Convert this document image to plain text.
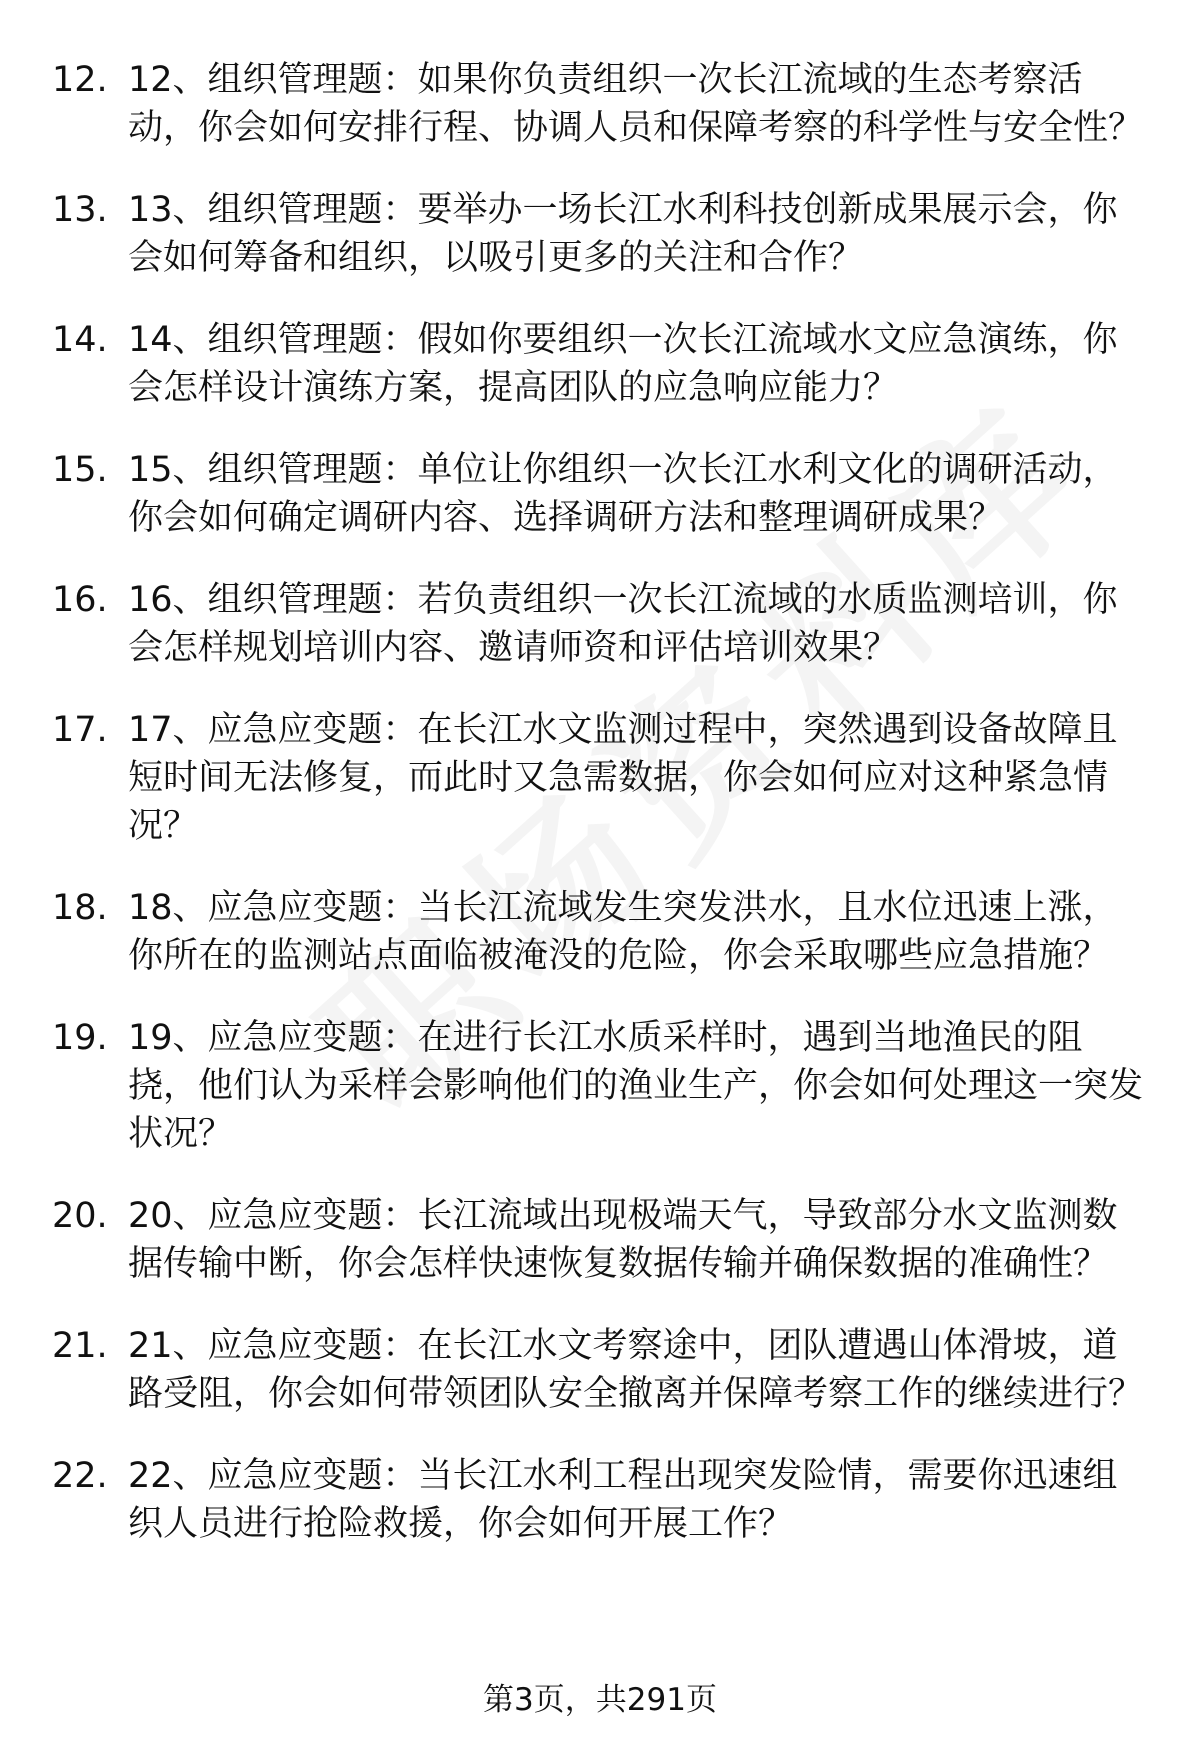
12. 12、组织管理题：如果你负责组织一次长江流域的生态考察活动，你会如何安排行程、协调人员和保障考察的科学性与安全性？
13. 13、组织管理题：要举办一场长江水利科技创新成果展示会，你会如何筹备和组织，以吸引更多的关注和合作？
14. 14、组织管理题：假如你要组织一次长江流域水文应急演练，你会怎样设计演练方案，提高团队的应急响应能力？
15. 15、组织管理题：单位让你组织一次长江水利文化的调研活动，你会如何确定调研内容、选择调研方法和整理调研成果？
16. 16、组织管理题：若负责组织一次长江流域的水质监测培训，你会怎样规划培训内容、邀请师资和评估培训效果？
17. 17、应急应变题：在长江水文监测过程中，突然遇到设备故障且短时间无法修复，而此时又急需数据，你会如何应对这种紧急情况？
18. 18、应急应变题：当长江流域发生突发洪水，且水位迅速上涨，你所在的监测站点面临被淹没的危险，你会采取哪些应急措施？
19. 19、应急应变题：在进行长江水质采样时，遇到当地渔民的阻挠，他们认为采样会影响他们的渔业生产，你会如何处理这一突发状况？
20. 20、应急应变题：长江流域出现极端天气，导致部分水文监测数据传输中断，你会怎样快速恢复数据传输并确保数据的准确性？
21. 21、应急应变题：在长江水文考察途中，团队遭遇山体滑坡，道路受阻，你会如何带领团队安全撤离并保障考察工作的继续进行？
22. 22、应急应变题：当长江水利工程出现突发险情，需要你迅速组织人员进行抢险救援，你会如何开展工作？
第3页，共291页
